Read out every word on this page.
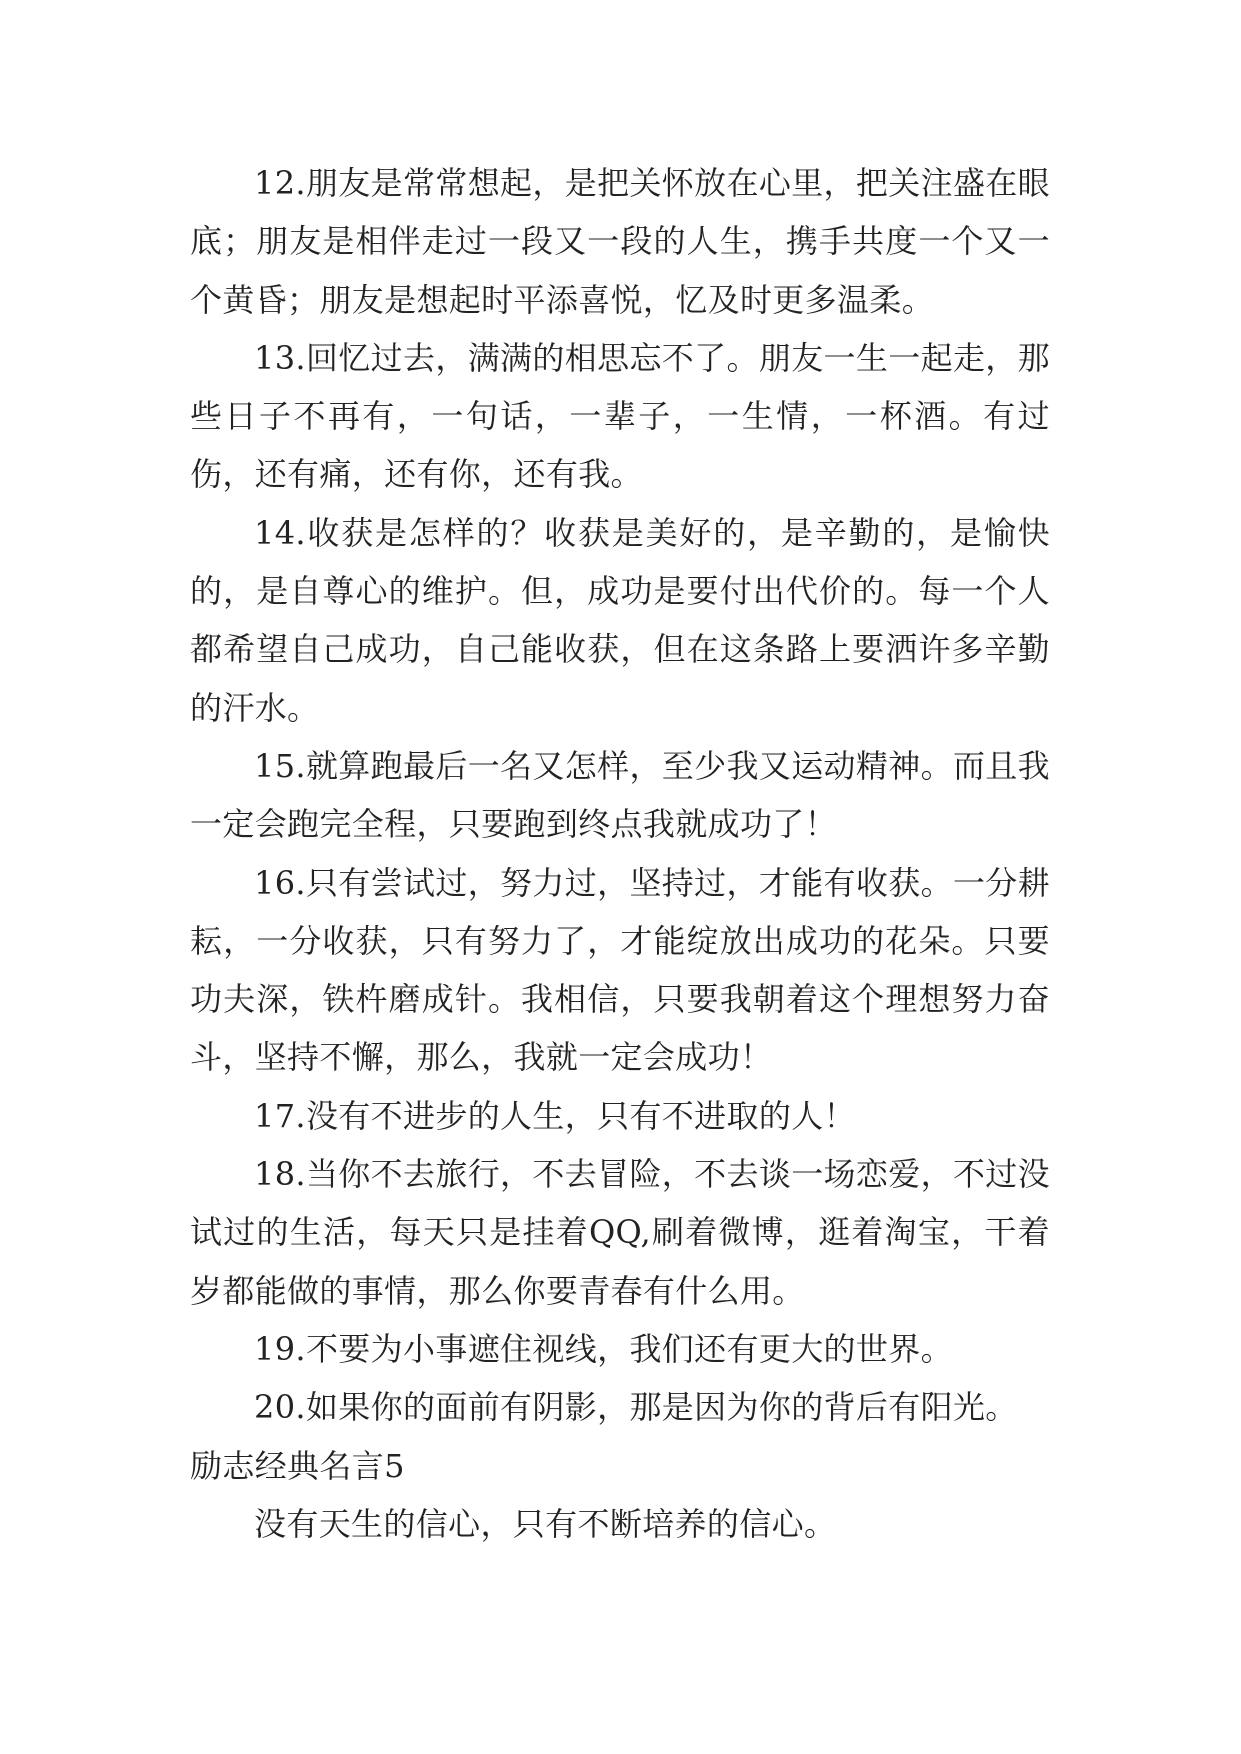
12.朋友是常常想起，是把关怀放在心里，把关注盛在眼底；朋友是相伴走过一段又一段的人生，携手共度一个又一个黄昏；朋友是想起时平添喜悦，忆及时更多温柔。

13.回忆过去，满满的相思忘不了。朋友一生一起走，那些日子不再有，一句话，一辈子，一生情，一杯酒。有过伤，还有痛，还有你，还有我。

14.收获是怎样的？收获是美好的，是辛勤的，是愉快的，是自尊心的维护。但，成功是要付出代价的。每一个人都希望自己成功，自己能收获，但在这条路上要洒许多辛勤的汗水。

15.就算跑最后一名又怎样，至少我又运动精神。而且我一定会跑完全程，只要跑到终点我就成功了！

16.只有尝试过，努力过，坚持过，才能有收获。一分耕耘，一分收获，只有努力了，才能绽放出成功的花朵。只要功夫深，铁杵磨成针。我相信，只要我朝着这个理想努力奋斗，坚持不懈，那么，我就一定会成功！

17.没有不进步的人生，只有不进取的人！

18.当你不去旅行，不去冒险，不去谈一场恋爱，不过没试过的生活，每天只是挂着QQ,刷着微博，逛着淘宝，干着岁都能做的事情，那么你要青春有什么用。

19.不要为小事遮住视线，我们还有更大的世界。

20.如果你的面前有阴影，那是因为你的背后有阳光。

励志经典名言5

没有天生的信心，只有不断培养的信心。
